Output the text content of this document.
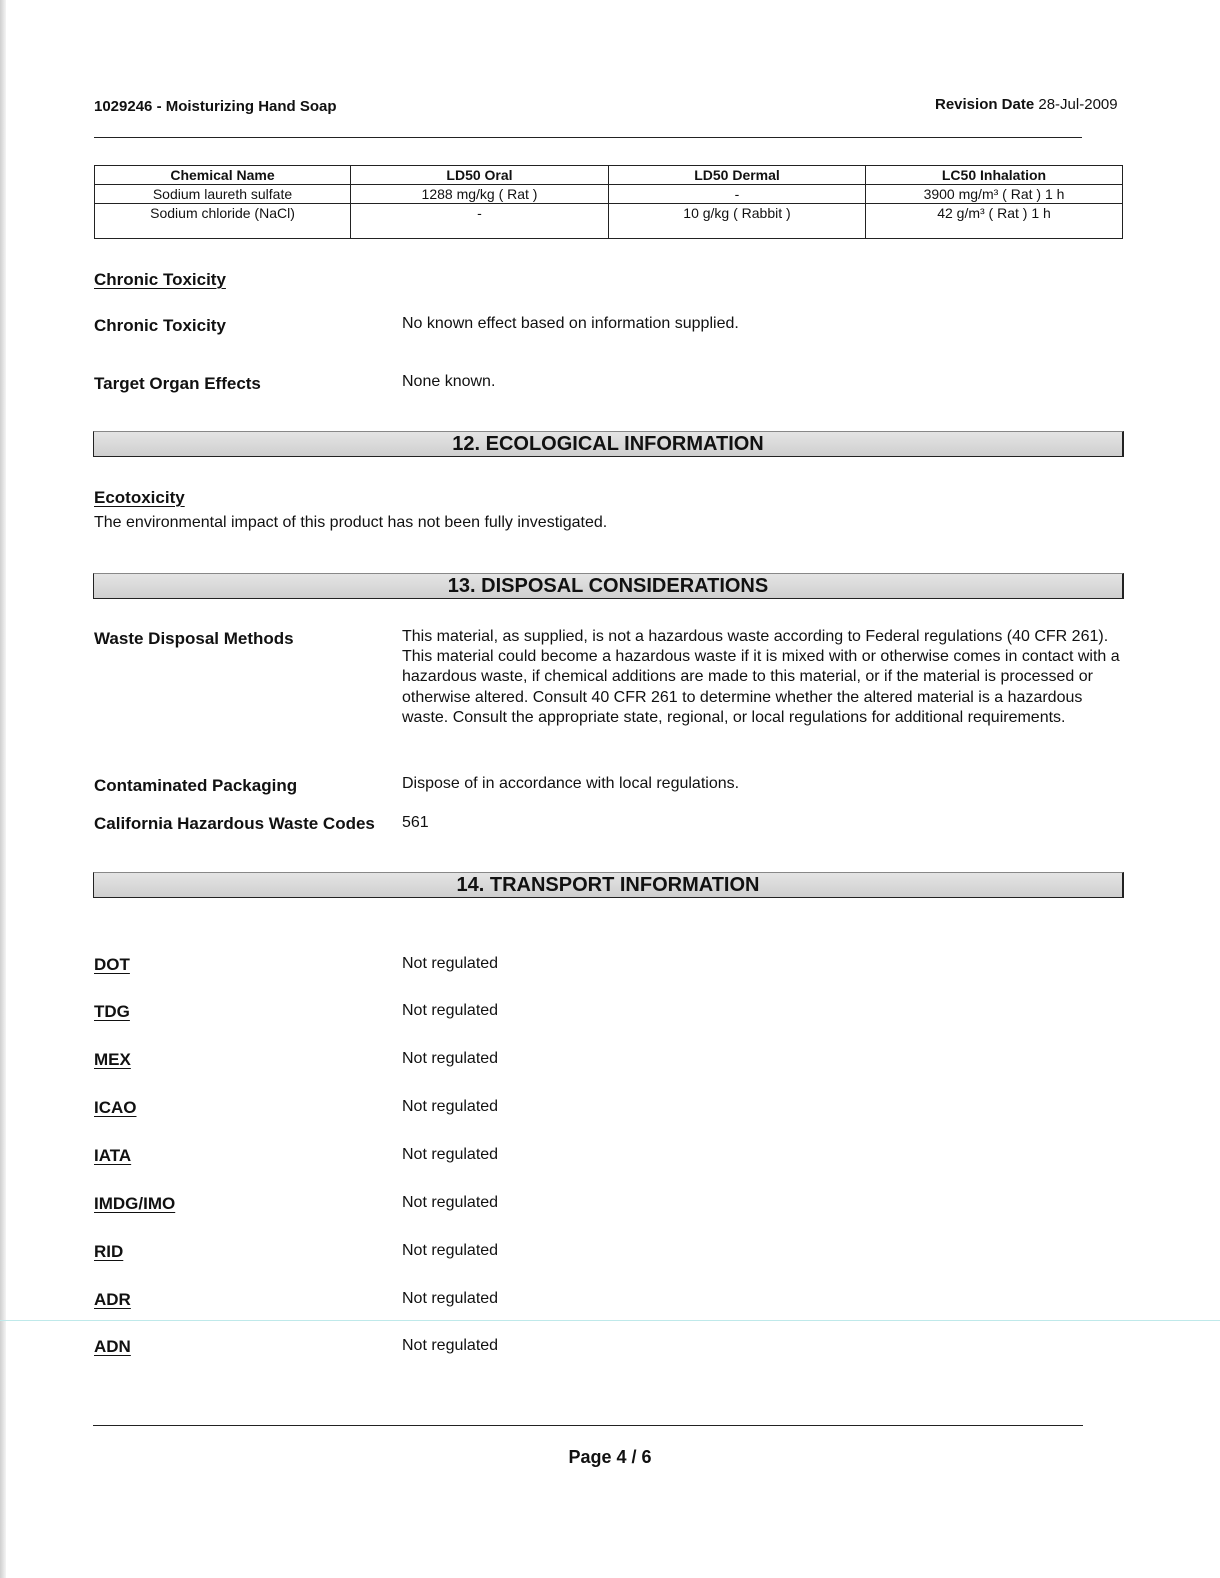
1029246 - Moisturizing Hand Soap	Revision Date 28-Jul-2009
Chemical Name	LD50 Oral	LD50 Dermal	LC50 Inhalation
Sodium laureth sulfate	1288 mg/kg ( Rat )	-	3900 mg/m³ ( Rat ) 1 h
Sodium chloride (NaCl)	-	10 g/kg ( Rabbit )	42 g/m³ ( Rat ) 1 h
Chronic Toxicity
Chronic Toxicity	No known effect based on information supplied.
Target Organ Effects	None known.
12. ECOLOGICAL INFORMATION
Ecotoxicity
The environmental impact of this product has not been fully investigated.
13. DISPOSAL CONSIDERATIONS
Waste Disposal Methods	This material, as supplied, is not a hazardous waste according to Federal regulations (40 CFR 261). This material could become a hazardous waste if it is mixed with or otherwise comes in contact with a hazardous waste, if chemical additions are made to this material, or if the material is processed or otherwise altered. Consult 40 CFR 261 to determine whether the altered material is a hazardous waste. Consult the appropriate state, regional, or local regulations for additional requirements.
Contaminated Packaging	Dispose of in accordance with local regulations.
California Hazardous Waste Codes 561
14. TRANSPORT INFORMATION
DOT	Not regulated
TDG	Not regulated
MEX	Not regulated
ICAO	Not regulated
IATA	Not regulated
IMDG/IMO	Not regulated
RID	Not regulated
ADR	Not regulated
ADN	Not regulated
Page 4 / 6
